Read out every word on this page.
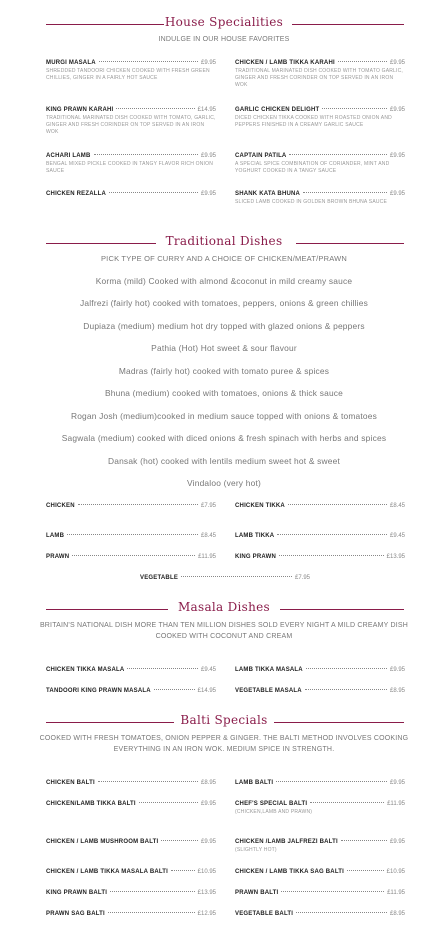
House Specialities
INDULGE IN OUR HOUSE FAVORITES
MURGI MASALA	£9.95
SHREDDED TANDOORI CHICKEN COOKED WITH FRESH GREEN CHILLIES, GINGER IN A FAIRLY HOT SAUCE
KING PRAWN KARAHI	£14.95
TRADITIONAL MARINATED DISH COOKED WITH TOMATO, GARLIC, GINGER AND FRESH CORINDER ON TOP SERVED IN AN IRON WOK
ACHARI LAMB	£9.95
BENGAL MIXED PICKLE COOKED IN TANGY FLAVOR RICH ONION SAUCE
CHICKEN REZALLA	£9.95
CHICKEN / LAMB TIKKA KARAHI	£9.95
TRADITIONAL MARINATED DISH COOKED WITH TOMATO GARLIC, GINGER AND FRESH CORINDER ON TOP SERVED IN AN IRON WOK
GARLIC CHICKEN DELIGHT	£9.95
DICED CHICKEN TIKKA COOKED WITH ROASTED ONION AND PEPPERS FINISHED IN A CREAMY GARLIC SAUCE
CAPTAIN PATILA	£9.95
A SPECIAL SPICE COMBINATION OF CORIANDER, MINT AND YOGHURT COOKED IN A TANGY SAUCE
SHANK KATA BHUNA	£9.95
SLICED LAMB COOKED IN GOLDEN BROWN BHUNA SAUCE
Traditional Dishes
PICK TYPE OF CURRY AND A CHOICE OF CHICKEN/MEAT/PRAWN
Korma (mild) Cooked with almond &coconut in mild creamy sauce
Jalfrezi (fairly hot) cooked with tomatoes, peppers, onions & green chillies
Dupiaza (medium) medium hot dry topped with glazed onions & peppers
Pathia (Hot) Hot sweet & sour flavour
Madras (fairly hot) cooked with tomato puree & spices
Bhuna (medium) cooked with tomatoes, onions & thick sauce
Rogan Josh (medium)cooked in medium sauce topped with onions & tomatoes
Sagwala (medium) cooked with diced onions & fresh spinach with herbs and spices
Dansak (hot) cooked with lentils medium sweet hot & sweet
Vindaloo (very hot)
CHICKEN	£7.95	CHICKEN TIKKA	£8.45
LAMB	£8.45	LAMB TIKKA	£9.45
PRAWN	£11.95	KING PRAWN	£13.95
VEGETABLE	£7.95
Masala Dishes
BRITAIN'S NATIONAL DISH MORE THAN TEN MILLION DISHES SOLD EVERY NIGHT A MILD CREAMY DISH COOKED WITH COCONUT AND CREAM
CHICKEN TIKKA MASALA	£9.45	LAMB TIKKA MASALA	£9.95
TANDOORI KING PRAWN MASALA	£14.95	VEGETABLE MASALA	£8.95
Balti Specials
COOKED WITH FRESH TOMATOES, ONION PEPPER & GINGER. THE BALTI METHOD INVOLVES COOKING EVERYTHING IN AN IRON WOK. MEDIUM SPICE IN STRENGTH.
CHICKEN BALTI	£8.95	LAMB BALTI	£9.95
CHICKEN/LAMB TIKKA BALTI	£9.95	CHEF'S SPECIAL BALTI	£11.95
(CHICKEN,LAMB AND PRAWN)
CHICKEN / LAMB MUSHROOM BALTI	£9.95	CHICKEN /LAMB JALFREZI BALTI	£9.95
(SLIGHTLY HOT)
CHICKEN / LAMB TIKKA MASALA BALTI	£10.95	CHICKEN / LAMB TIKKA SAG BALTI	£10.95
KING PRAWN BALTI	£13.95	PRAWN BALTI	£11.95
PRAWN SAG BALTI	£12.95	VEGETABLE BALTI	£8.95
